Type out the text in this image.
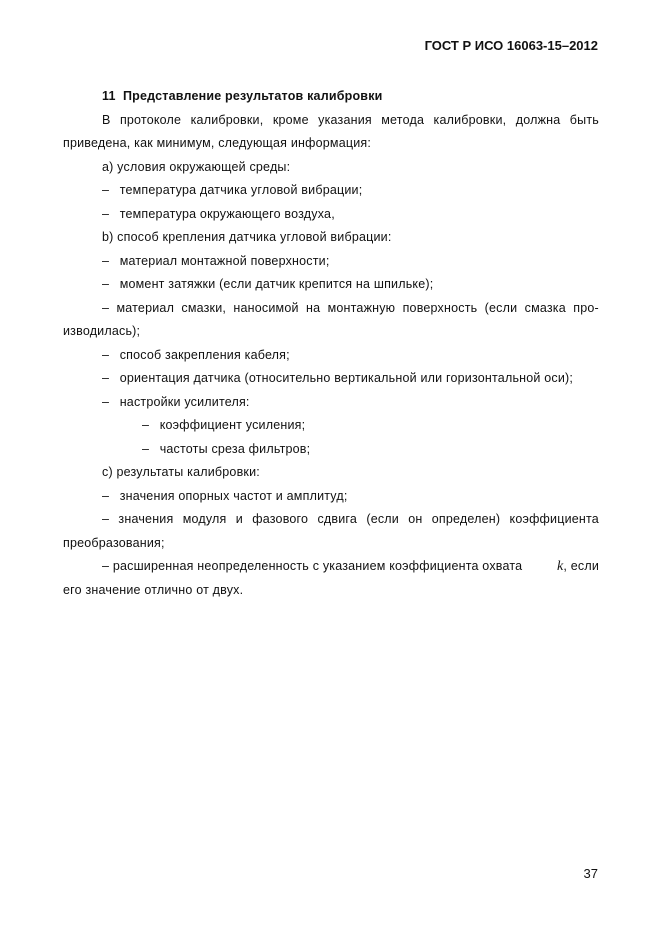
ГОСТ Р ИСО 16063-15–2012
11 Представление результатов калибровки
В протоколе калибровки, кроме указания метода калибровки, должна быть
приведена, как минимум, следующая информация:
a) условия окружающей среды:
– температура датчика угловой вибрации;
– температура окружающего воздуха,
b) способ крепления датчика угловой вибрации:
– материал монтажной поверхности;
– момент затяжки (если датчик крепится на шпильке);
– материал смазки, наносимой на монтажную поверхность (если смазка про-
изводилась);
– способ закрепления кабеля;
– ориентация датчика (относительно вертикальной или горизонтальной оси);
– настройки усилителя:
– коэффициент усиления;
– частоты среза фильтров;
c) результаты калибровки:
– значения опорных частот и амплитуд;
– значения модуля и фазового сдвига (если он определен) коэффициента
преобразования;
– расширенная неопределенность с указанием коэффициента охвата k, если
его значение отлично от двух.
37
